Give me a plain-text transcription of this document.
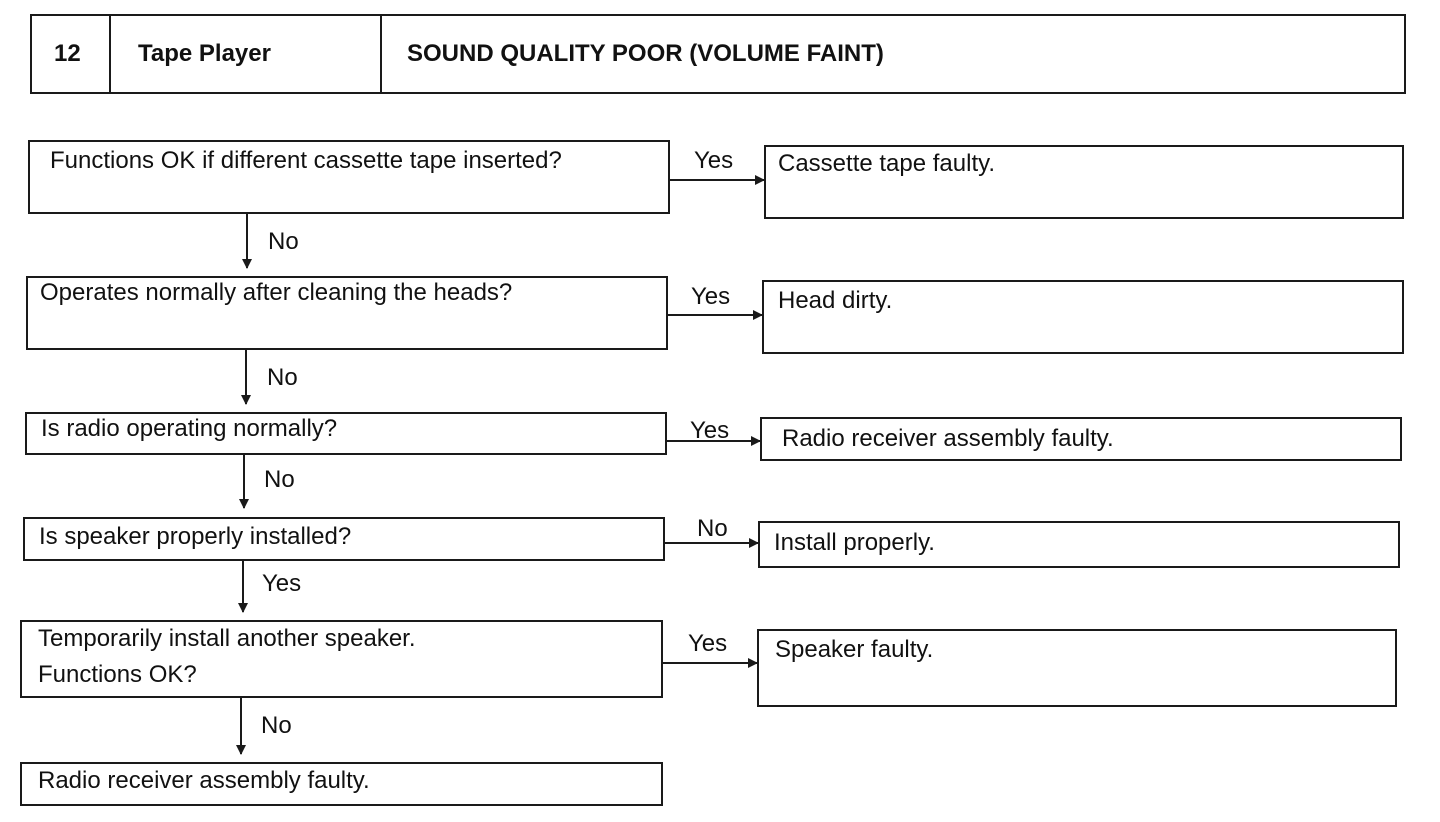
12 Tape Player	SOUND QUALITY POOR (VOLUME FAINT)
Functions OK if different cassette tape inserted?	Yes Cassette tape faulty.
No
Operates normally after cleaning the heads?	Yes Head dirty.
No
Is radio operating normally?	Yes Radio receiver assembly faulty.
No
Is speaker properly installed?	No
Install properly.
Yes
Temporarily install another speaker.
Functions OK?
Yes Speaker faulty.
No
Radio receiver assembly faulty.
